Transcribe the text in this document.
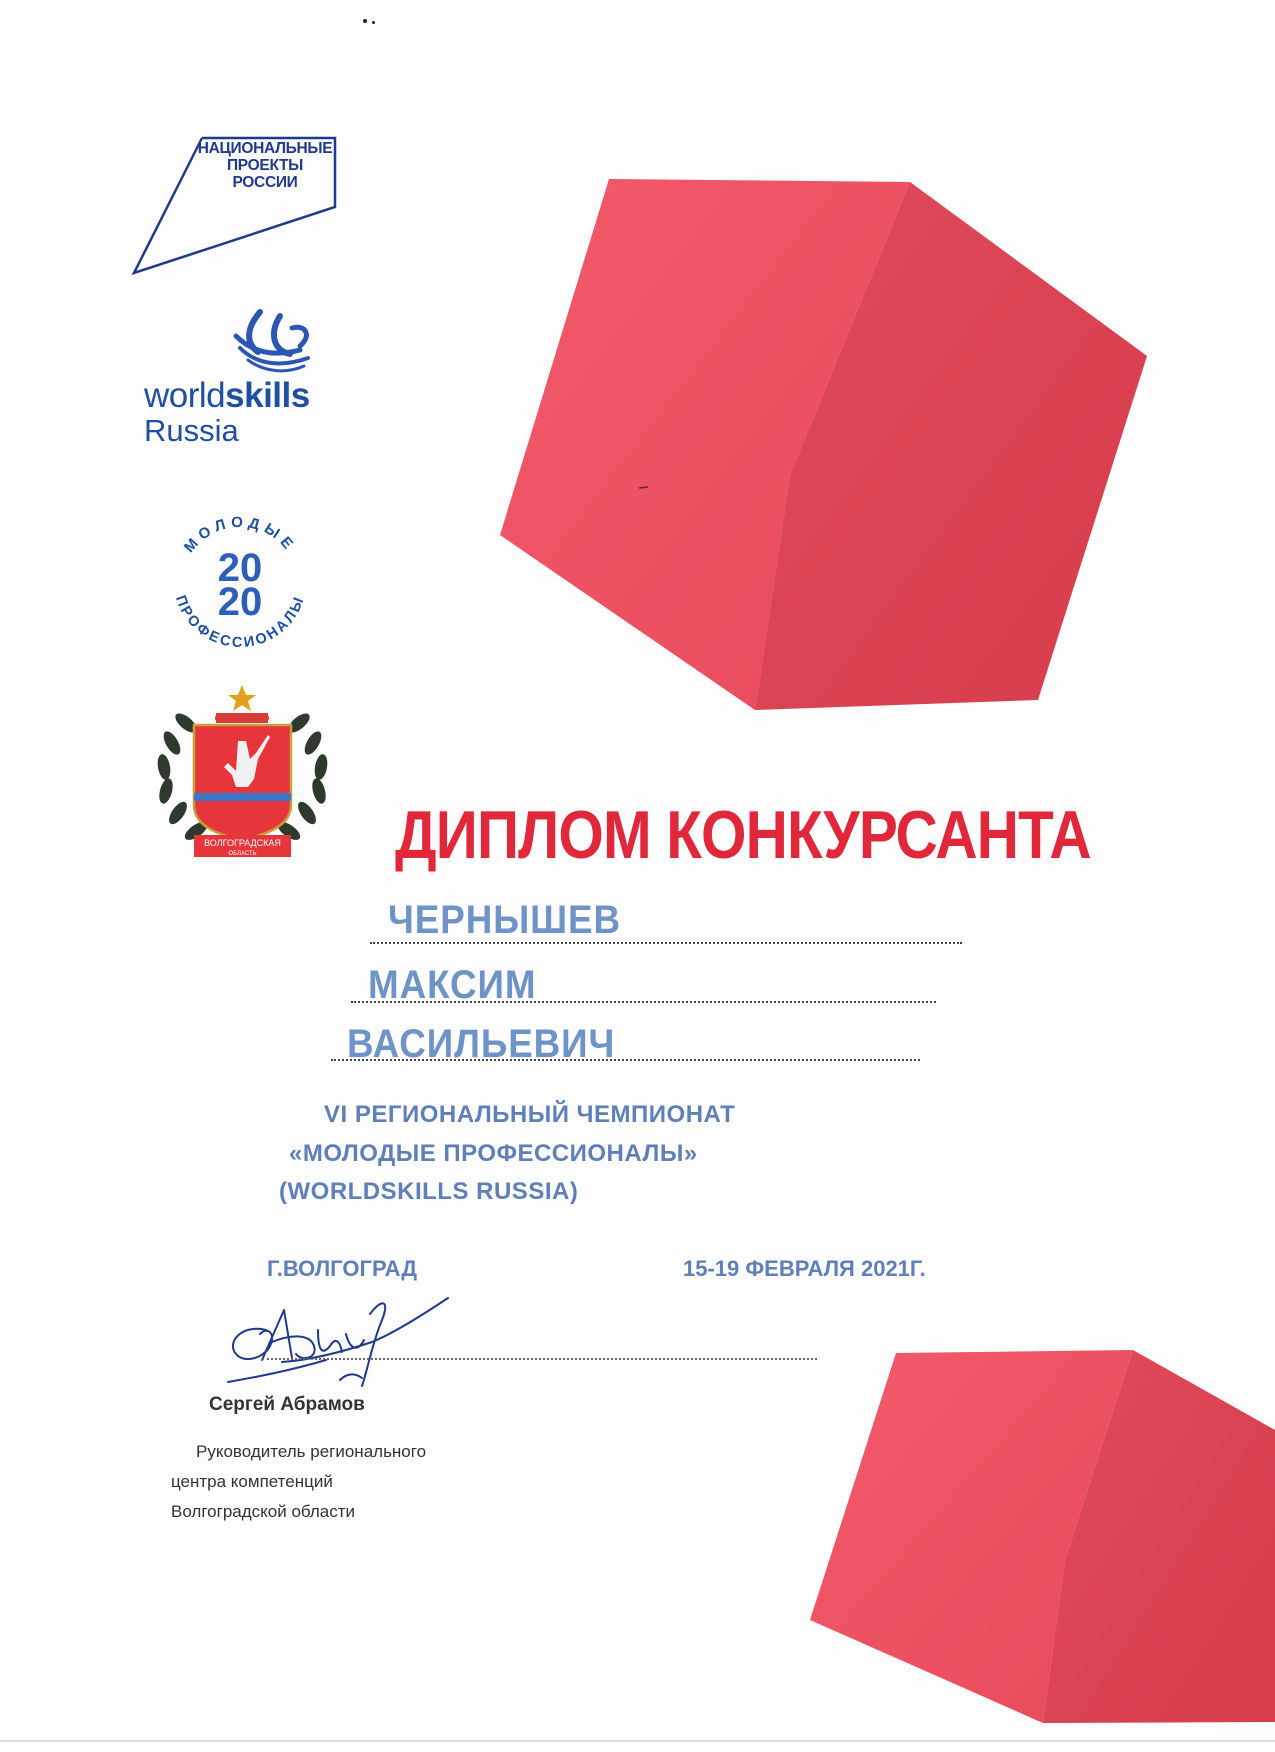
НАЦИОНАЛЬНЫЕ
ПРОЕКТЫ
РОССИИ
worldskills
Russia
МОЛОДЫЕ
ПРОФЕССИОНАЛЫ
20
20
ВОЛГОГРАДСКАЯ
ОБЛАСТЬ ДИПЛОМ КОНКУРСАНТА
ЧЕРНЫШЕВ
МАКСИМ
ВАСИЛЬЕВИЧ
VI РЕГИОНАЛЬНЫЙ ЧЕМПИОНАТ
«МОЛОДЫЕ ПРОФЕССИОНАЛЫ»
(WORLDSKILLS RUSSIA)
Г.ВОЛГОГРАД	15-19 ФЕВРАЛЯ 2021Г.
Сергей Абрамов
Руководитель регионального
центра компетенций
Волгоградской области
